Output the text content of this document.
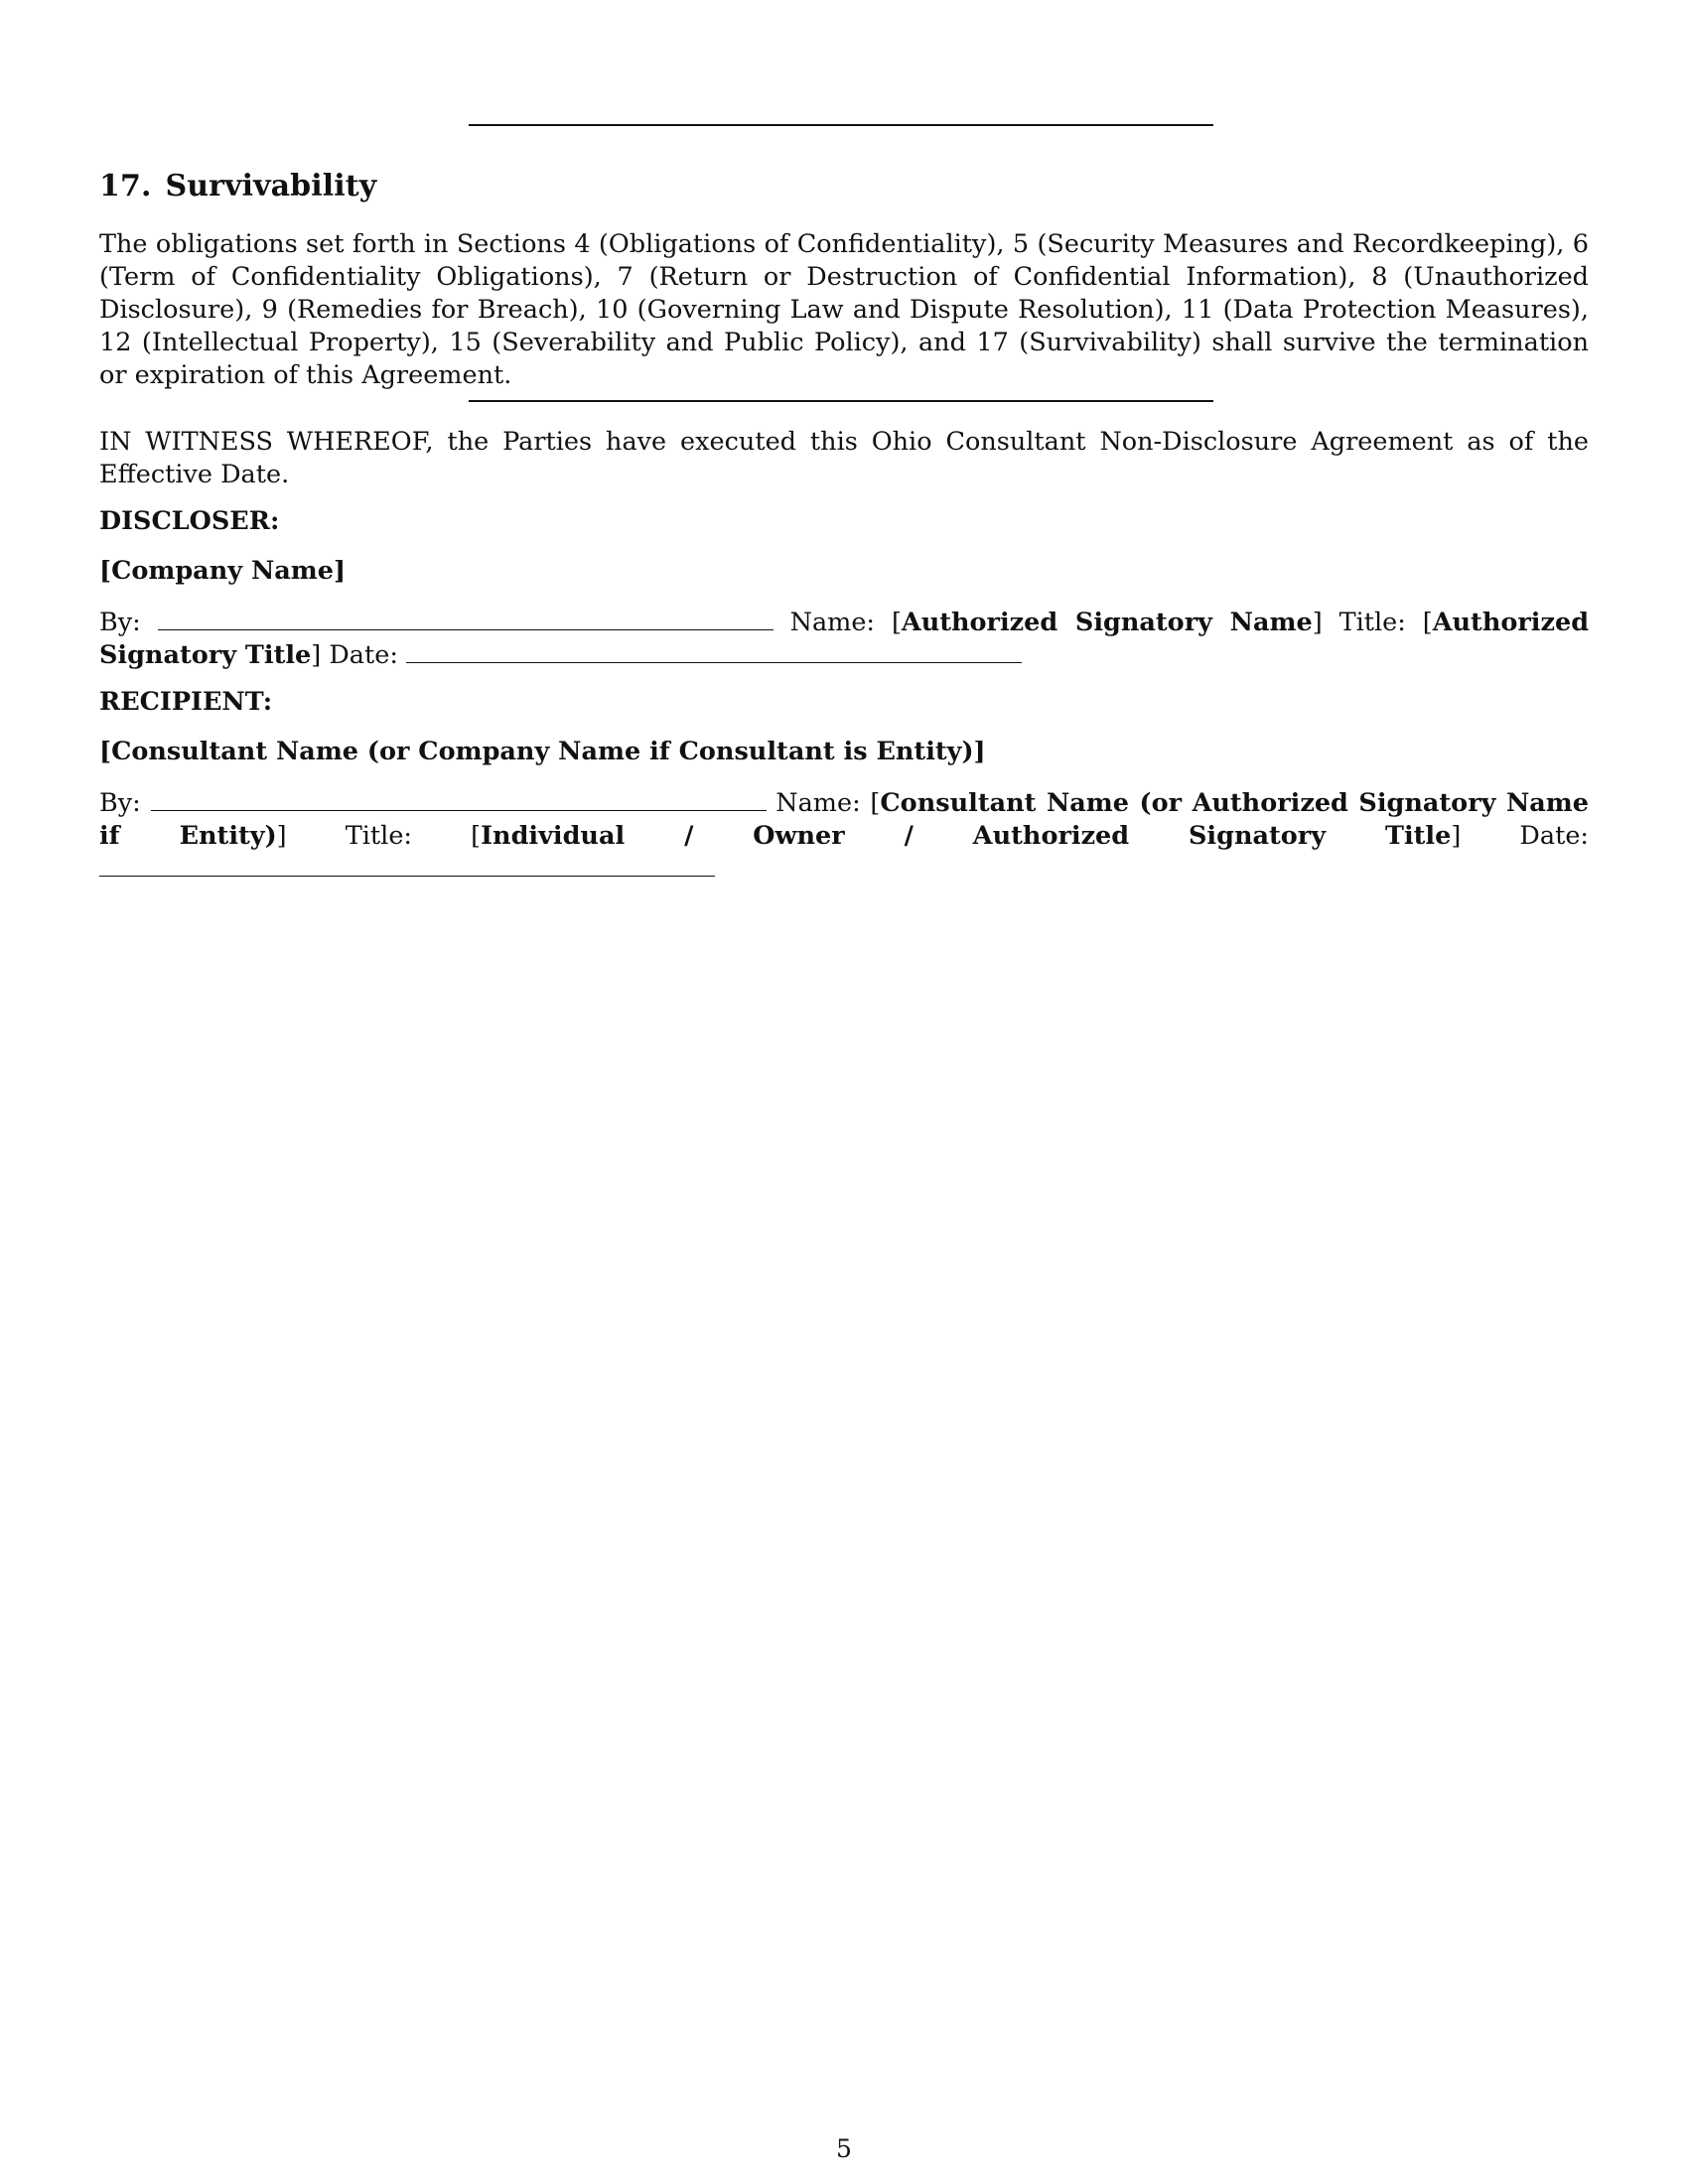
17. Survivability

The obligations set forth in Sections 4 (Obligations of Confidentiality), 5 (Security Measures and Recordkeeping), 6 (Term of Confidentiality Obligations), 7 (Return or Destruction of Confidential Information), 8 (Unauthorized Disclosure), 9 (Remedies for Breach), 10 (Governing Law and Dispute Resolution), 11 (Data Protection Measures), 12 (Intellectual Property), 15 (Severability and Public Policy), and 17 (Survivability) shall survive the termination or expiration of this Agreement.

IN WITNESS WHEREOF, the Parties have executed this Ohio Consultant Non-Disclosure Agreement as of the Effective Date.

DISCLOSER:

[Company Name]

By:	Name: [Authorized Signatory Name] Title: [Authorized Signatory Title] Date:

RECIPIENT:

[Consultant Name (or Company Name if Consultant is Entity)]

By:	Name: [Consultant Name (or Authorized Signatory Name if Entity)] Title: [Individual / Owner / Authorized Signatory Title] Date:

5
